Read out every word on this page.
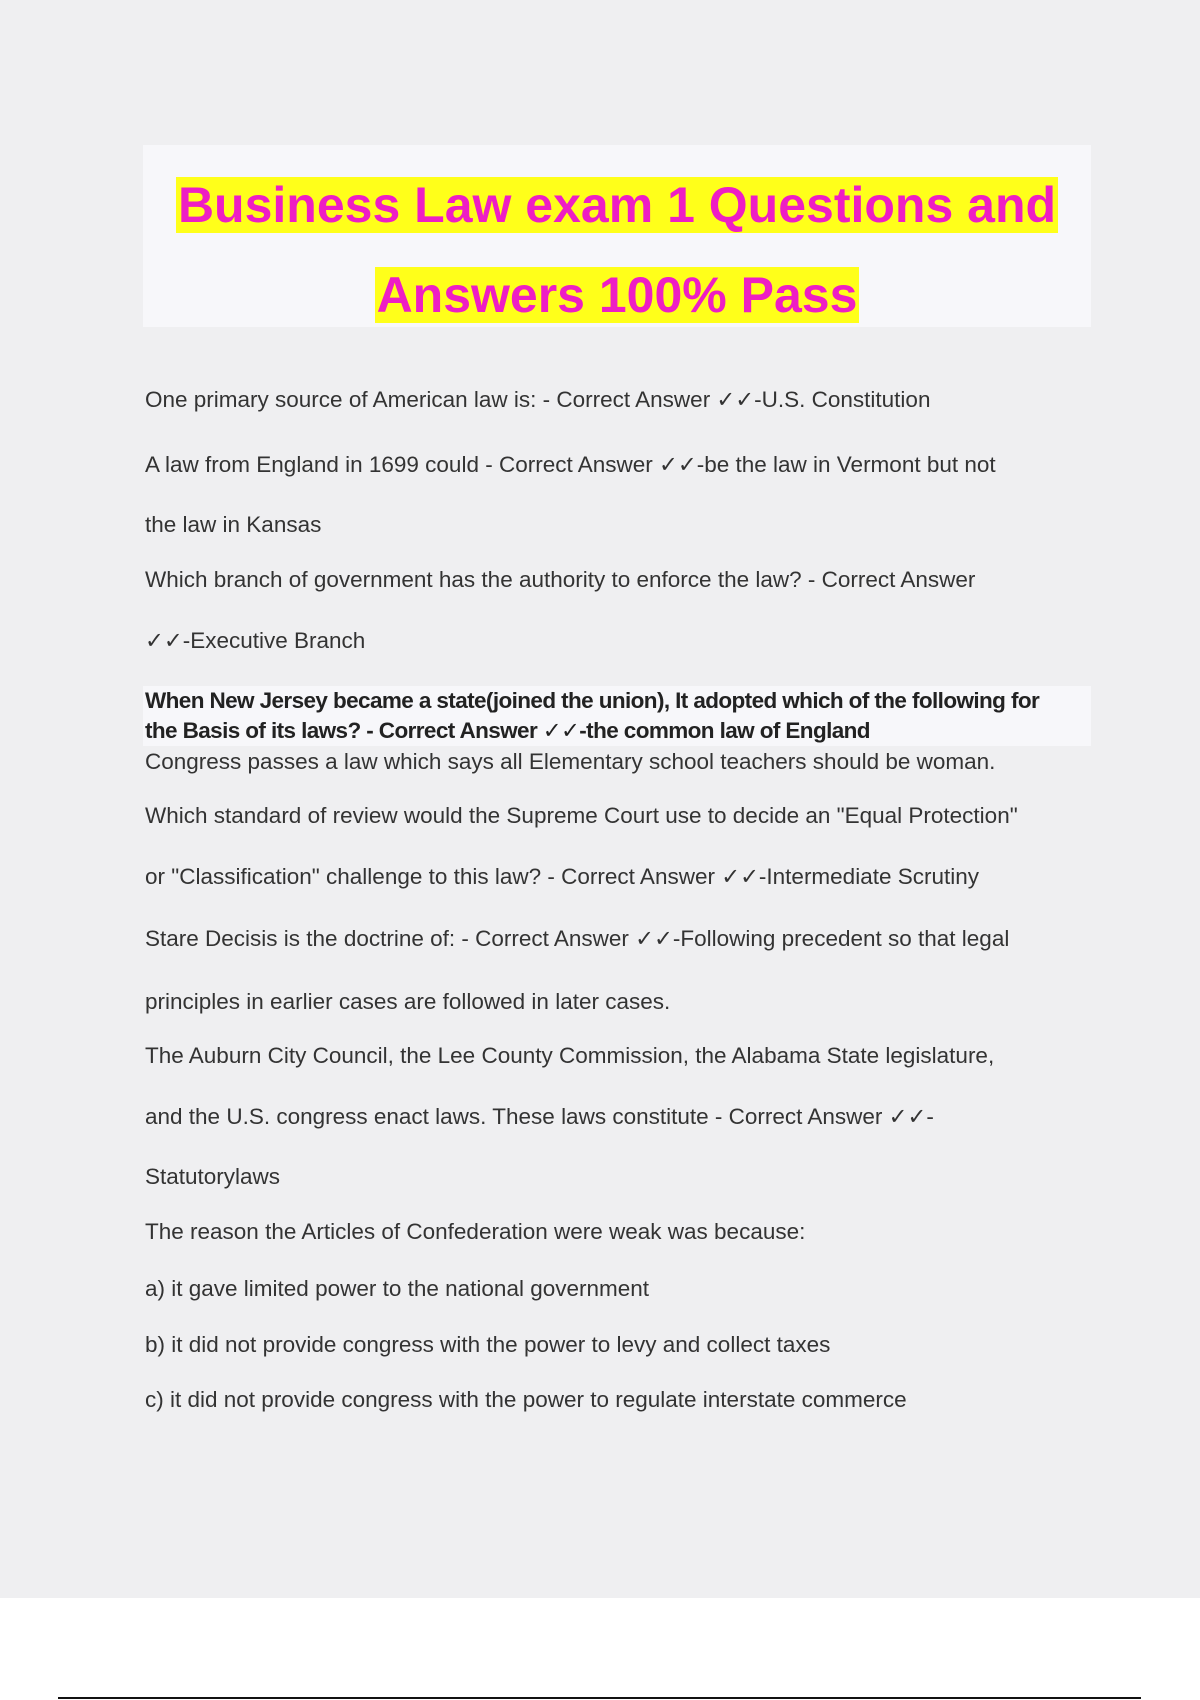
Business Law exam 1 Questions and
Answers 100% Pass
One primary source of American law is: - Correct Answer ✓✓-U.S. Constitution
A law from England in 1699 could - Correct Answer ✓✓-be the law in Vermont but not
the law in Kansas
Which branch of government has the authority to enforce the law? - Correct Answer
✓✓-Executive Branch
When New Jersey became a state(joined the union), It adopted which of the following for
the Basis of its laws? - Correct Answer ✓✓-the common law of England
Congress passes a law which says all Elementary school teachers should be woman.
Which standard of review would the Supreme Court use to decide an "Equal Protection"
or "Classification" challenge to this law? - Correct Answer ✓✓-Intermediate Scrutiny
Stare Decisis is the doctrine of: - Correct Answer ✓✓-Following precedent so that legal
principles in earlier cases are followed in later cases.
The Auburn City Council, the Lee County Commission, the Alabama State legislature,
and the U.S. congress enact laws. These laws constitute - Correct Answer ✓✓-
Statutorylaws
The reason the Articles of Confederation were weak was because:
a) it gave limited power to the national government
b) it did not provide congress with the power to levy and collect taxes
c) it did not provide congress with the power to regulate interstate commerce
